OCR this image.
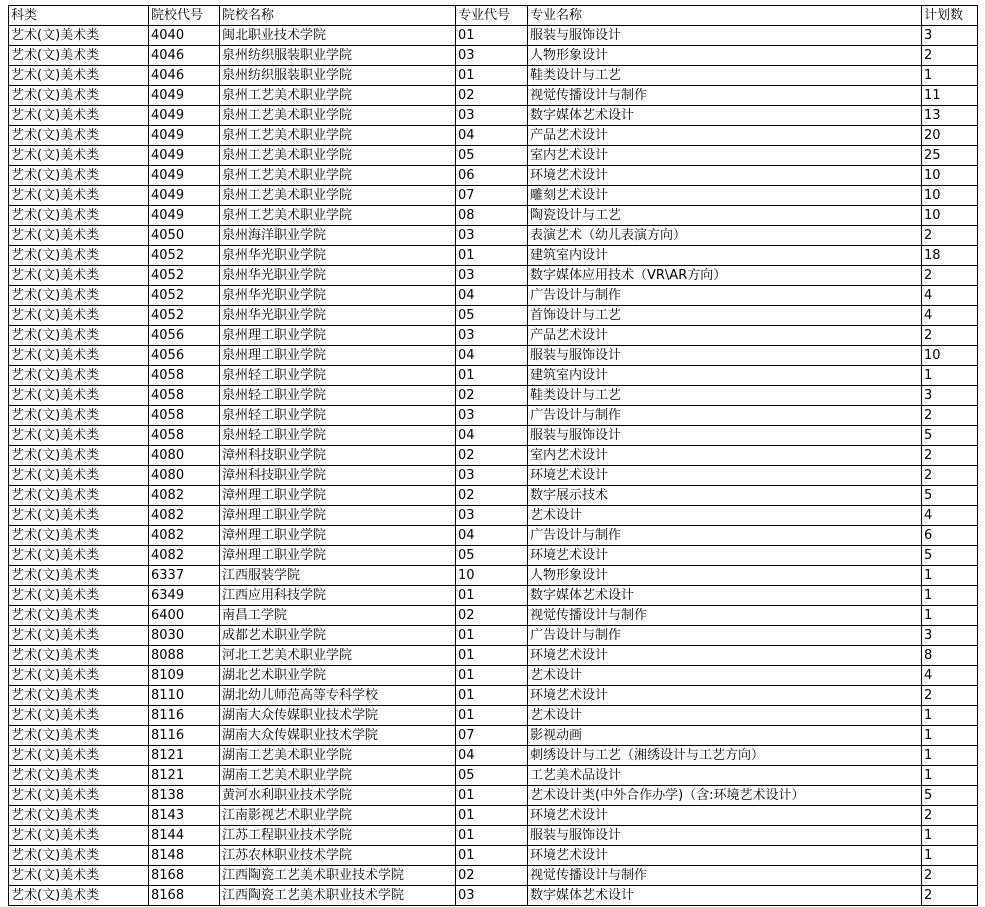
科类	院校代号	院校名称	专业代号	专业名称	计划数
艺术(文)美术类	4040	闽北职业技术学院	01	服装与服饰设计	3
艺术(文)美术类	4046	泉州纺织服装职业学院	03	人物形象设计	2
艺术(文)美术类	4046	泉州纺织服装职业学院	01	鞋类设计与工艺	1
艺术(文)美术类	4049	泉州工艺美术职业学院	02	视觉传播设计与制作	11
艺术(文)美术类	4049	泉州工艺美术职业学院	03	数字媒体艺术设计	13
艺术(文)美术类	4049	泉州工艺美术职业学院	04	产品艺术设计	20
艺术(文)美术类	4049	泉州工艺美术职业学院	05	室内艺术设计	25
艺术(文)美术类	4049	泉州工艺美术职业学院	06	环境艺术设计	10
艺术(文)美术类	4049	泉州工艺美术职业学院	07	雕刻艺术设计	10
艺术(文)美术类	4049	泉州工艺美术职业学院	08	陶瓷设计与工艺	10
艺术(文)美术类	4050	泉州海洋职业学院	03	表演艺术（幼儿表演方向）	2
艺术(文)美术类	4052	泉州华光职业学院	01	建筑室内设计	18
艺术(文)美术类	4052	泉州华光职业学院	03	数字媒体应用技术（VR\AR方向）	2
艺术(文)美术类	4052	泉州华光职业学院	04	广告设计与制作	4
艺术(文)美术类	4052	泉州华光职业学院	05	首饰设计与工艺	4
艺术(文)美术类	4056	泉州理工职业学院	03	产品艺术设计	2
艺术(文)美术类	4056	泉州理工职业学院	04	服装与服饰设计	10
艺术(文)美术类	4058	泉州轻工职业学院	01	建筑室内设计	1
艺术(文)美术类	4058	泉州轻工职业学院	02	鞋类设计与工艺	3
艺术(文)美术类	4058	泉州轻工职业学院	03	广告设计与制作	2
艺术(文)美术类	4058	泉州轻工职业学院	04	服装与服饰设计	5
艺术(文)美术类	4080	漳州科技职业学院	02	室内艺术设计	2
艺术(文)美术类	4080	漳州科技职业学院	03	环境艺术设计	2
艺术(文)美术类	4082	漳州理工职业学院	02	数字展示技术	5
艺术(文)美术类	4082	漳州理工职业学院	03	艺术设计	4
艺术(文)美术类	4082	漳州理工职业学院	04	广告设计与制作	6
艺术(文)美术类	4082	漳州理工职业学院	05	环境艺术设计	5
艺术(文)美术类	6337	江西服装学院	10	人物形象设计	1
艺术(文)美术类	6349	江西应用科技学院	01	数字媒体艺术设计	1
艺术(文)美术类	6400	南昌工学院	02	视觉传播设计与制作	1
艺术(文)美术类	8030	成都艺术职业学院	01	广告设计与制作	3
艺术(文)美术类	8088	河北工艺美术职业学院	01	环境艺术设计	8
艺术(文)美术类	8109	湖北艺术职业学院	01	艺术设计	4
艺术(文)美术类	8110	湖北幼儿师范高等专科学校	01	环境艺术设计	2
艺术(文)美术类	8116	湖南大众传媒职业技术学院	01	艺术设计	1
艺术(文)美术类	8116	湖南大众传媒职业技术学院	07	影视动画	1
艺术(文)美术类	8121	湖南工艺美术职业学院	04	刺绣设计与工艺（湘绣设计与工艺方向）	1
艺术(文)美术类	8121	湖南工艺美术职业学院	05	工艺美术品设计	1
艺术(文)美术类	8138	黄河水利职业技术学院	01	艺术设计类(中外合作办学)（含:环境艺术设计）	5
艺术(文)美术类	8143	江南影视艺术职业学院	01	环境艺术设计	2
艺术(文)美术类	8144	江苏工程职业技术学院	01	服装与服饰设计	1
艺术(文)美术类	8148	江苏农林职业技术学院	01	环境艺术设计	1
艺术(文)美术类	8168	江西陶瓷工艺美术职业技术学院	02	视觉传播设计与制作	2
艺术(文)美术类	8168	江西陶瓷工艺美术职业技术学院	03	数字媒体艺术设计	2
